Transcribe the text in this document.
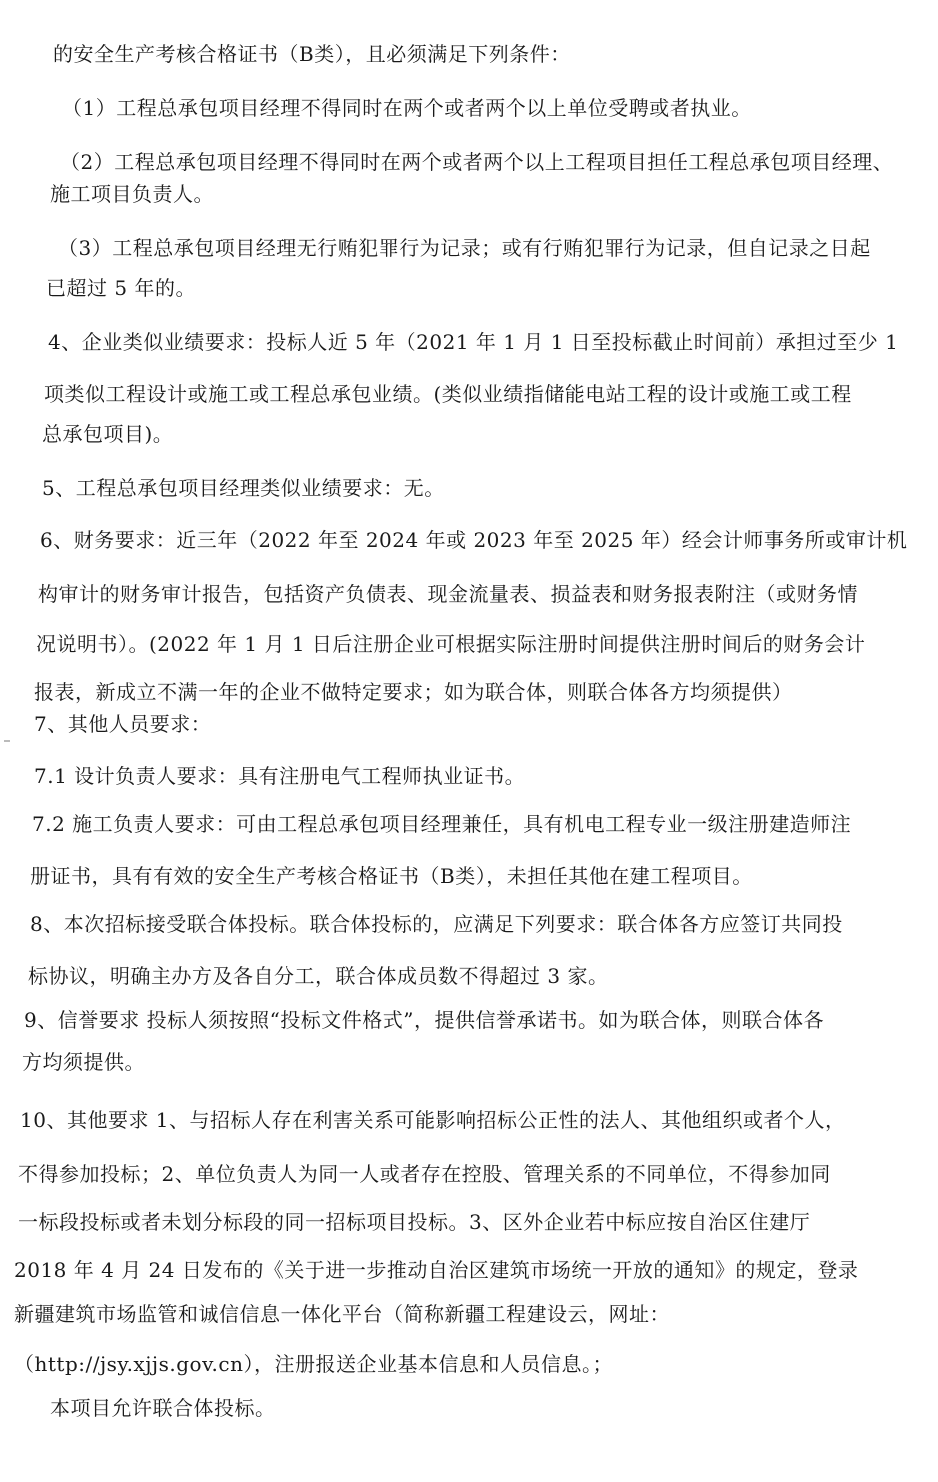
的安全生产考核合格证书（B类），且必须满足下列条件：
（1）工程总承包项目经理不得同时在两个或者两个以上单位受聘或者执业。
（2）工程总承包项目经理不得同时在两个或者两个以上工程项目担任工程总承包项目经理、
施工项目负责人。
（3）工程总承包项目经理无行贿犯罪行为记录；或有行贿犯罪行为记录，但自记录之日起
已超过 5 年的。
4、企业类似业绩要求：投标人近 5 年（2021 年 1 月 1 日至投标截止时间前）承担过至少 1
项类似工程设计或施工或工程总承包业绩。(类似业绩指储能电站工程的设计或施工或工程
总承包项目)。
5、工程总承包项目经理类似业绩要求：无。
6、财务要求：近三年（2022 年至 2024 年或 2023 年至 2025 年）经会计师事务所或审计机
构审计的财务审计报告，包括资产负债表、现金流量表、损益表和财务报表附注（或财务情
况说明书）。(2022 年 1 月 1 日后注册企业可根据实际注册时间提供注册时间后的财务会计
报表，新成立不满一年的企业不做特定要求；如为联合体，则联合体各方均须提供）
7、其他人员要求：
7.1 设计负责人要求：具有注册电气工程师执业证书。
7.2 施工负责人要求：可由工程总承包项目经理兼任，具有机电工程专业一级注册建造师注
册证书，具有有效的安全生产考核合格证书（B类），未担任其他在建工程项目。
8、本次招标接受联合体投标。联合体投标的，应满足下列要求：联合体各方应签订共同投
标协议，明确主办方及各自分工，联合体成员数不得超过 3 家。
9、信誉要求 投标人须按照“投标文件格式”，提供信誉承诺书。如为联合体，则联合体各
方均须提供。
10、其他要求 1、与招标人存在利害关系可能影响招标公正性的法人、其他组织或者个人，
不得参加投标；2、单位负责人为同一人或者存在控股、管理关系的不同单位，不得参加同
一标段投标或者未划分标段的同一招标项目投标。3、区外企业若中标应按自治区住建厅
2018 年 4 月 24 日发布的《关于进一步推动自治区建筑市场统一开放的通知》的规定，登录
新疆建筑市场监管和诚信信息一体化平台（简称新疆工程建设云，网址：
（http://jsy.xjjs.gov.cn），注册报送企业基本信息和人员信息。；
本项目允许联合体投标。
